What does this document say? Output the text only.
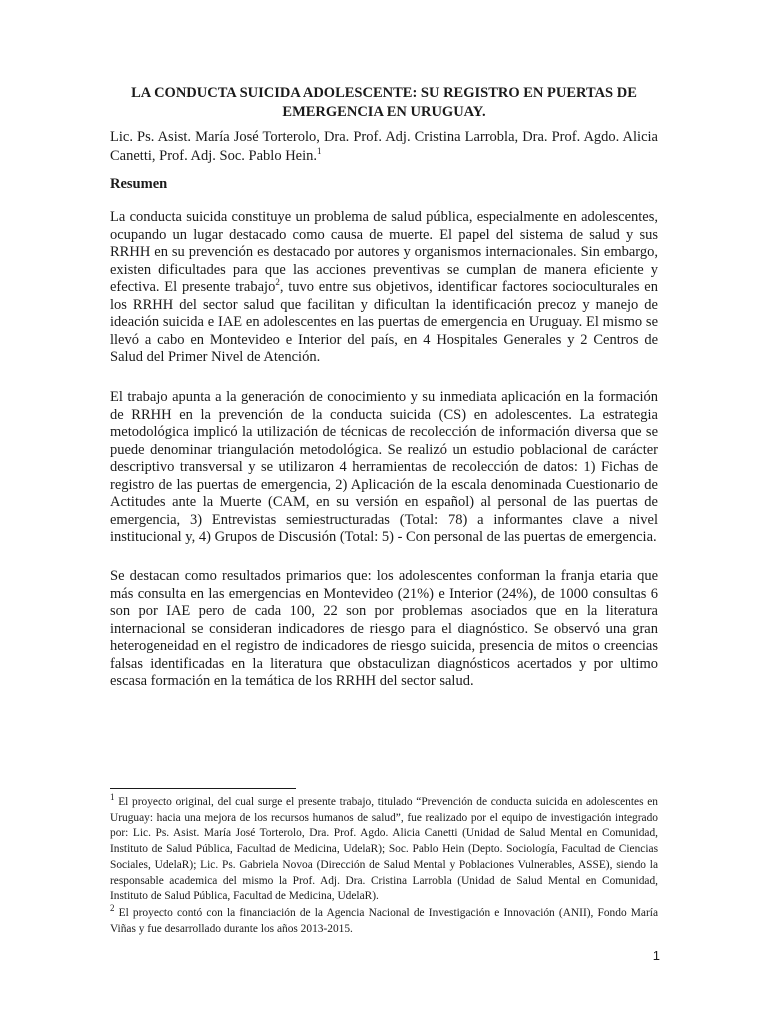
LA CONDUCTA SUICIDA ADOLESCENTE: SU REGISTRO EN PUERTAS DE EMERGENCIA EN URUGUAY.

Lic. Ps. Asist. María José Torterolo, Dra. Prof. Adj. Cristina Larrobla, Dra. Prof. Agdo. Alicia Canetti, Prof. Adj. Soc. Pablo Hein.$^1$

Resumen

La conducta suicida constituye un problema de salud pública, especialmente en adolescentes, ocupando un lugar destacado como causa de muerte. El papel del sistema de salud y sus RRHH en su prevención es destacado por autores y organismos internacionales. Sin embargo, existen dificultades para que las acciones preventivas se cumplan de manera eficiente y efectiva. El presente trabajo$^2$, tuvo entre sus objetivos, identificar factores socioculturales en los RRHH del sector salud que facilitan y dificultan la identificación precoz y manejo de ideación suicida e IAE en adolescentes en las puertas de emergencia en Uruguay. El mismo se llevó a cabo en Montevideo e Interior del país, en 4 Hospitales Generales y 2 Centros de Salud del Primer Nivel de Atención.

El trabajo apunta a la generación de conocimiento y su inmediata aplicación en la formación de RRHH en la prevención de la conducta suicida (CS) en adolescentes. La estrategia metodológica implicó la utilización de técnicas de recolección de información diversa que se puede denominar triangulación metodológica. Se realizó un estudio poblacional de carácter descriptivo transversal y se utilizaron 4 herramientas de recolección de datos: 1) Fichas de registro de las puertas de emergencia, 2) Aplicación de la escala denominada Cuestionario de Actitudes ante la Muerte (CAM, en su versión en español) al personal de las puertas de emergencia, 3) Entrevistas semiestructuradas (Total: 78) a informantes clave a nivel institucional y, 4) Grupos de Discusión (Total: 5) - Con personal de las puertas de emergencia.

Se destacan como resultados primarios que: los adolescentes conforman la franja etaria que más consulta en las emergencias en Montevideo (21%) e Interior (24%), de 1000 consultas 6 son por IAE pero de cada 100, 22 son por problemas asociados que en la literatura internacional se consideran indicadores de riesgo para el diagnóstico. Se observó una gran heterogeneidad en el registro de indicadores de riesgo suicida, presencia de mitos o creencias falsas identificadas en la literatura que obstaculizan diagnósticos acertados y por ultimo escasa formación en la temática de los RRHH del sector salud.

$^1$ El proyecto original, del cual surge el presente trabajo, titulado “Prevención de conducta suicida en adolescentes en Uruguay: hacia una mejora de los recursos humanos de salud”, fue realizado por el equipo de investigación integrado por: Lic. Ps. Asist. María José Torterolo, Dra. Prof. Agdo. Alicia Canetti (Unidad de Salud Mental en Comunidad, Instituto de Salud Pública, Facultad de Medicina, UdelaR); Soc. Pablo Hein (Depto. Sociología, Facultad de Ciencias Sociales, UdelaR); Lic. Ps. Gabriela Novoa (Dirección de Salud Mental y Poblaciones Vulnerables, ASSE), siendo la responsable academica del mismo la Prof. Adj. Dra. Cristina Larrobla (Unidad de Salud Mental en Comunidad, Instituto de Salud Pública, Facultad de Medicina, UdelaR).

$^2$ El proyecto contó con la financiación de la Agencia Nacional de Investigación e Innovación (ANII), Fondo María Viñas y fue desarrollado durante los años 2013-2015.

1
